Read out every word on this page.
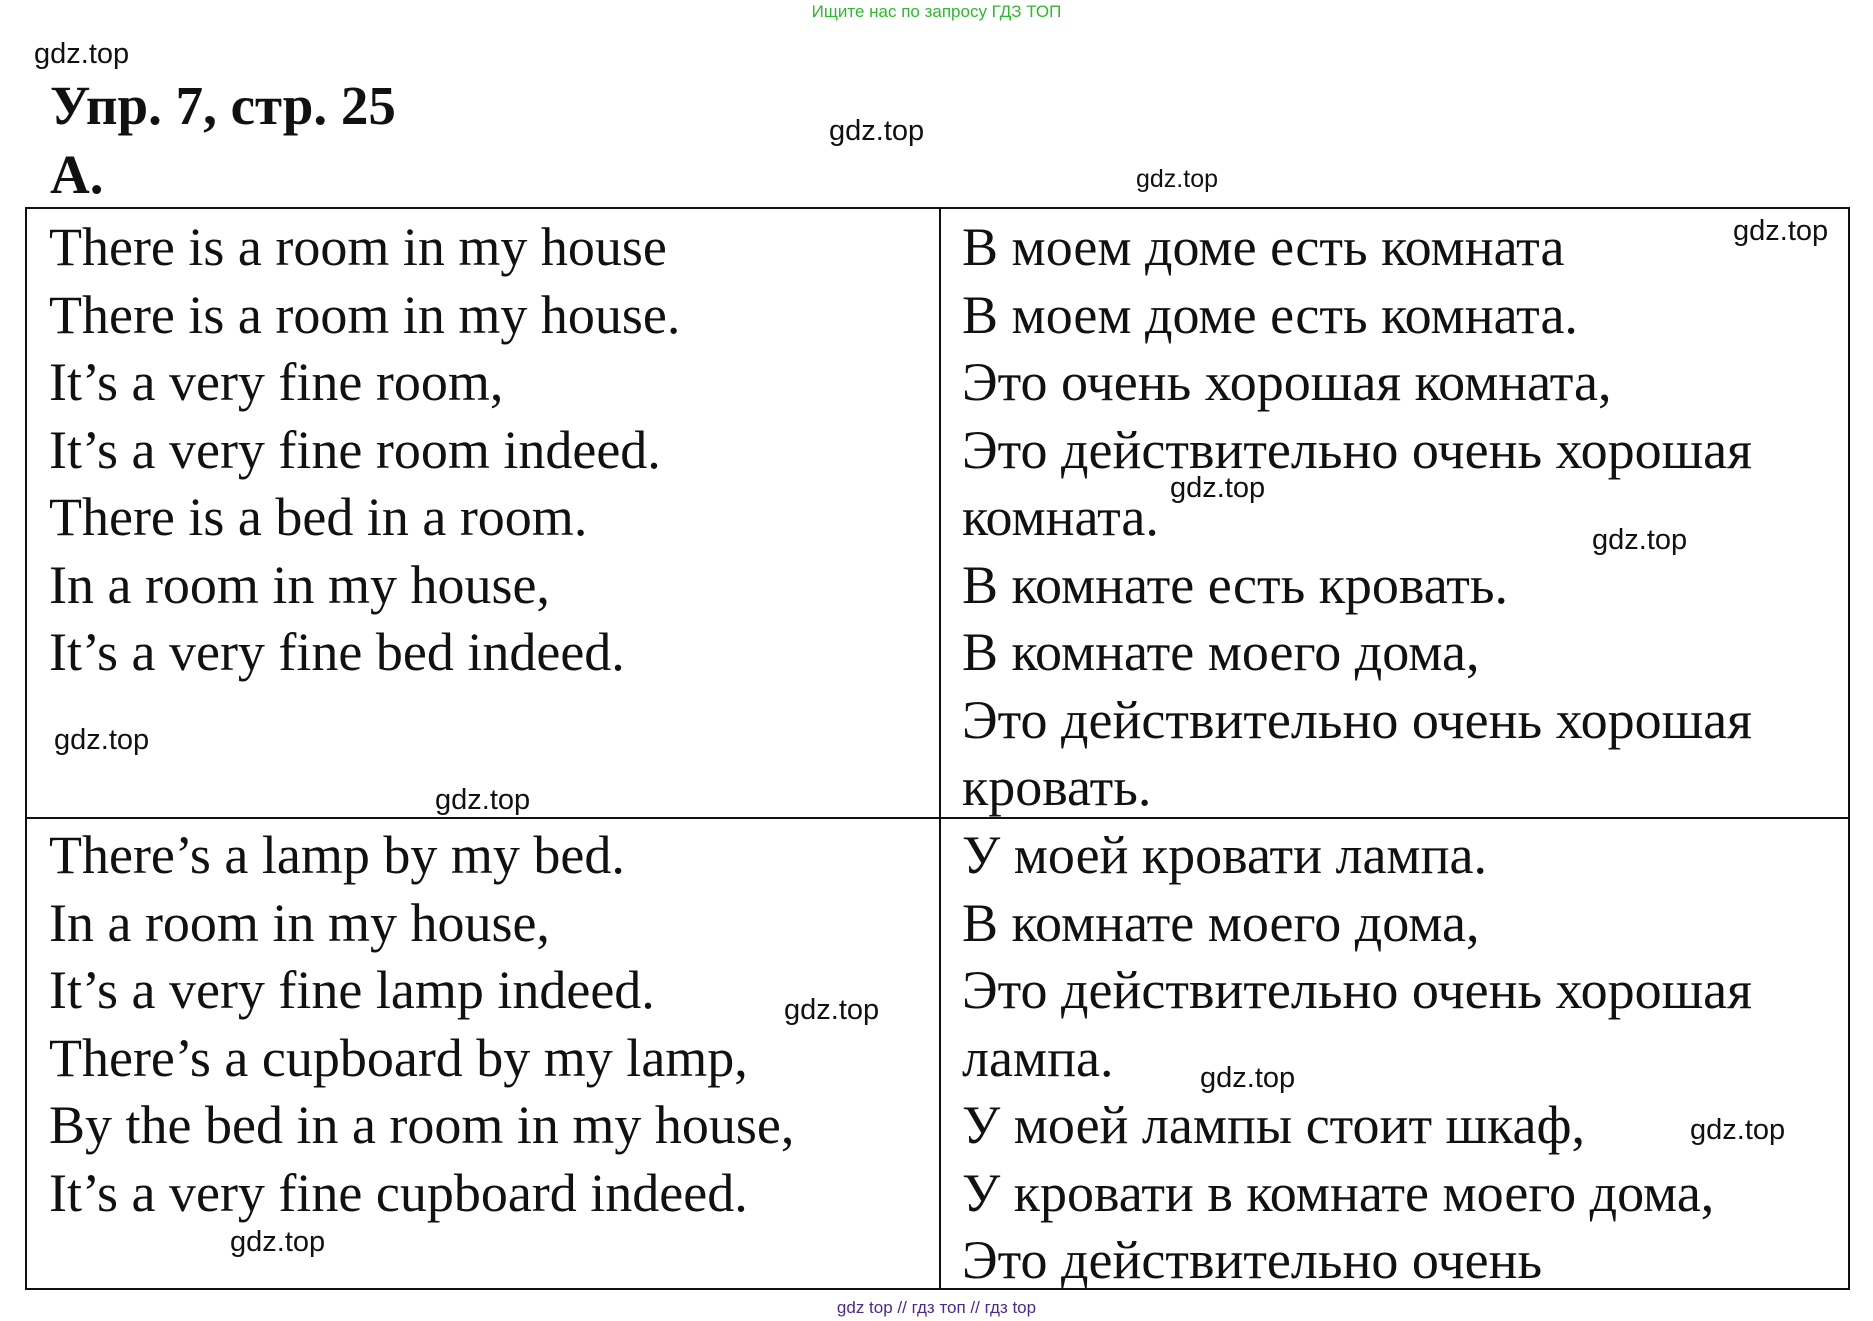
Ищите нас по запросу ГДЗ ТОП
gdz.top
gdz.top
gdz.top
Упр. 7, стр. 25
А.
There is a room in my house
There is a room in my house.
It’s a very fine room,
It’s a very fine room indeed.
There is a bed in a room.
In a room in my house,
It’s a very fine bed indeed.
В моем доме есть комната
В моем доме есть комната.
Это очень хорошая комната,
Это действительно очень хорошая
комната.
В комнате есть кровать.
В комнате моего дома,
Это действительно очень хорошая
кровать.
There’s a lamp by my bed.
In a room in my house,
It’s a very fine lamp indeed.
There’s a cupboard by my lamp,
By the bed in a room in my house,
It’s a very fine cupboard indeed.
У моей кровати лампа.
В комнате моего дома,
Это действительно очень хорошая
лампа.
У моей лампы стоит шкаф,
У кровати в комнате моего дома,
Это действительно очень
gdz.top
gdz.top
gdz.top
gdz.top
gdz.top
gdz.top
gdz.top
gdz.top
gdz.top
gdz top // гдз топ // гдз top
